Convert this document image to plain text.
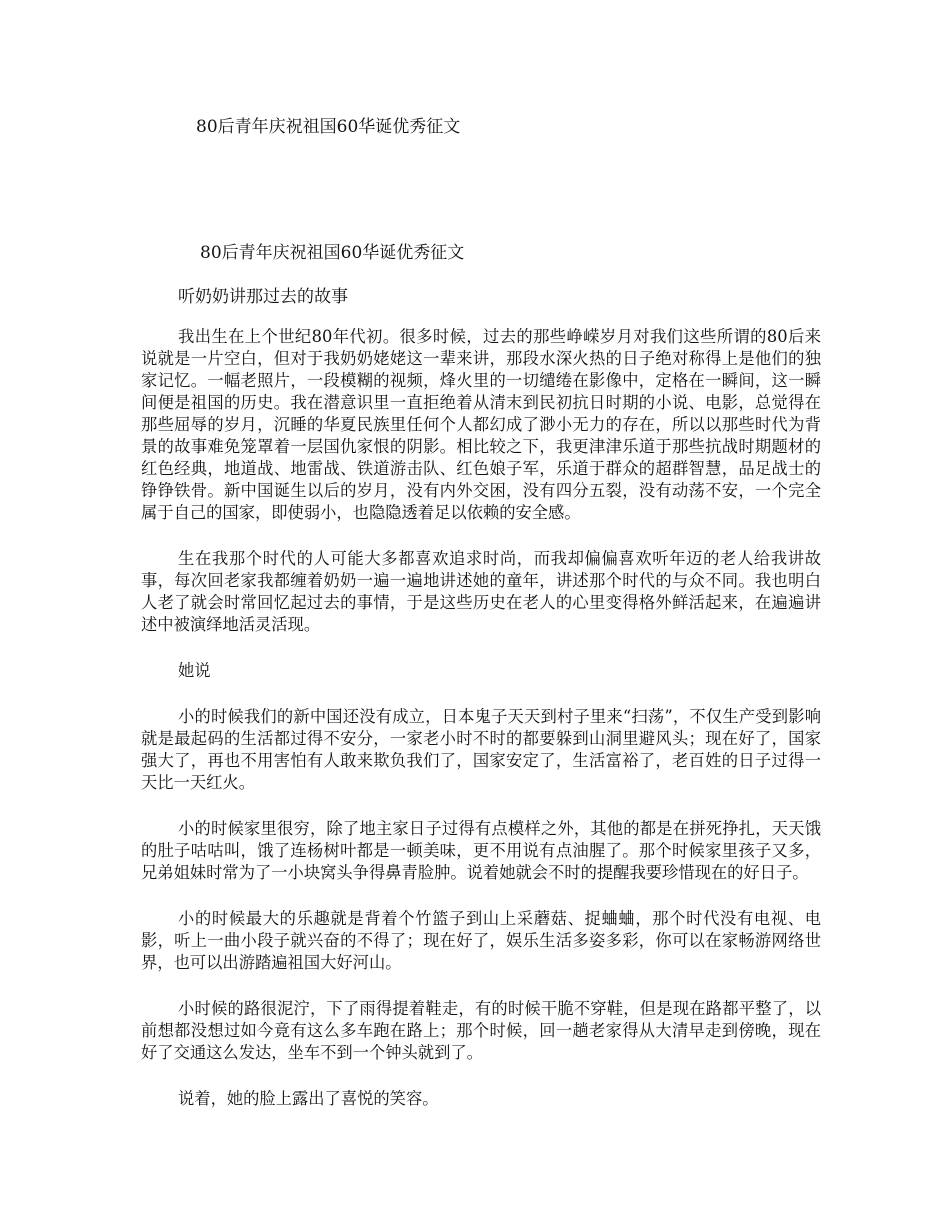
80后青年庆祝祖国60华诞优秀征文
80后青年庆祝祖国60华诞优秀征文
听奶奶讲那过去的故事

我出生在上个世纪80年代初。很多时候，过去的那些峥嵘岁月对我们这些所谓的80后来说就是一片空白，但对于我奶奶姥姥这一辈来讲，那段水深火热的日子绝对称得上是他们的独家记忆。一幅老照片，一段模糊的视频，烽火里的一切缱绻在影像中，定格在一瞬间，这一瞬间便是祖国的历史。我在潜意识里一直拒绝着从清末到民初抗日时期的小说、电影，总觉得在那些屈辱的岁月，沉睡的华夏民族里任何个人都幻成了渺小无力的存在，所以以那些时代为背景的故事难免笼罩着一层国仇家恨的阴影。相比较之下，我更津津乐道于那些抗战时期题材的红色经典，地道战、地雷战、铁道游击队、红色娘子军，乐道于群众的超群智慧，品足战士的铮铮铁骨。新中国诞生以后的岁月，没有内外交困，没有四分五裂，没有动荡不安，一个完全属于自己的国家，即使弱小，也隐隐透着足以依赖的安全感。

生在我那个时代的人可能大多都喜欢追求时尚，而我却偏偏喜欢听年迈的老人给我讲故事，每次回老家我都缠着奶奶一遍一遍地讲述她的童年，讲述那个时代的与众不同。我也明白人老了就会时常回忆起过去的事情，于是这些历史在老人的心里变得格外鲜活起来，在遍遍讲述中被演绎地活灵活现。

她说

小的时候我们的新中国还没有成立，日本鬼子天天到村子里来“扫荡”，不仅生产受到影响就是最起码的生活都过得不安分，一家老小时不时的都要躲到山洞里避风头；现在好了，国家强大了，再也不用害怕有人敢来欺负我们了，国家安定了，生活富裕了，老百姓的日子过得一天比一天红火。

小的时候家里很穷，除了地主家日子过得有点模样之外，其他的都是在拼死挣扎，天天饿的肚子咕咕叫，饿了连杨树叶都是一顿美味，更不用说有点油腥了。那个时候家里孩子又多，兄弟姐妹时常为了一小块窝头争得鼻青脸肿。说着她就会不时的提醒我要珍惜现在的好日子。

小的时候最大的乐趣就是背着个竹篮子到山上采蘑菇、捉蛐蛐，那个时代没有电视、电影，听上一曲小段子就兴奋的不得了；现在好了，娱乐生活多姿多彩，你可以在家畅游网络世界，也可以出游踏遍祖国大好河山。

小时候的路很泥泞，下了雨得提着鞋走，有的时候干脆不穿鞋，但是现在路都平整了，以前想都没想过如今竟有这么多车跑在路上；那个时候，回一趟老家得从大清早走到傍晚，现在好了交通这么发达，坐车不到一个钟头就到了。

说着，她的脸上露出了喜悦的笑容。
